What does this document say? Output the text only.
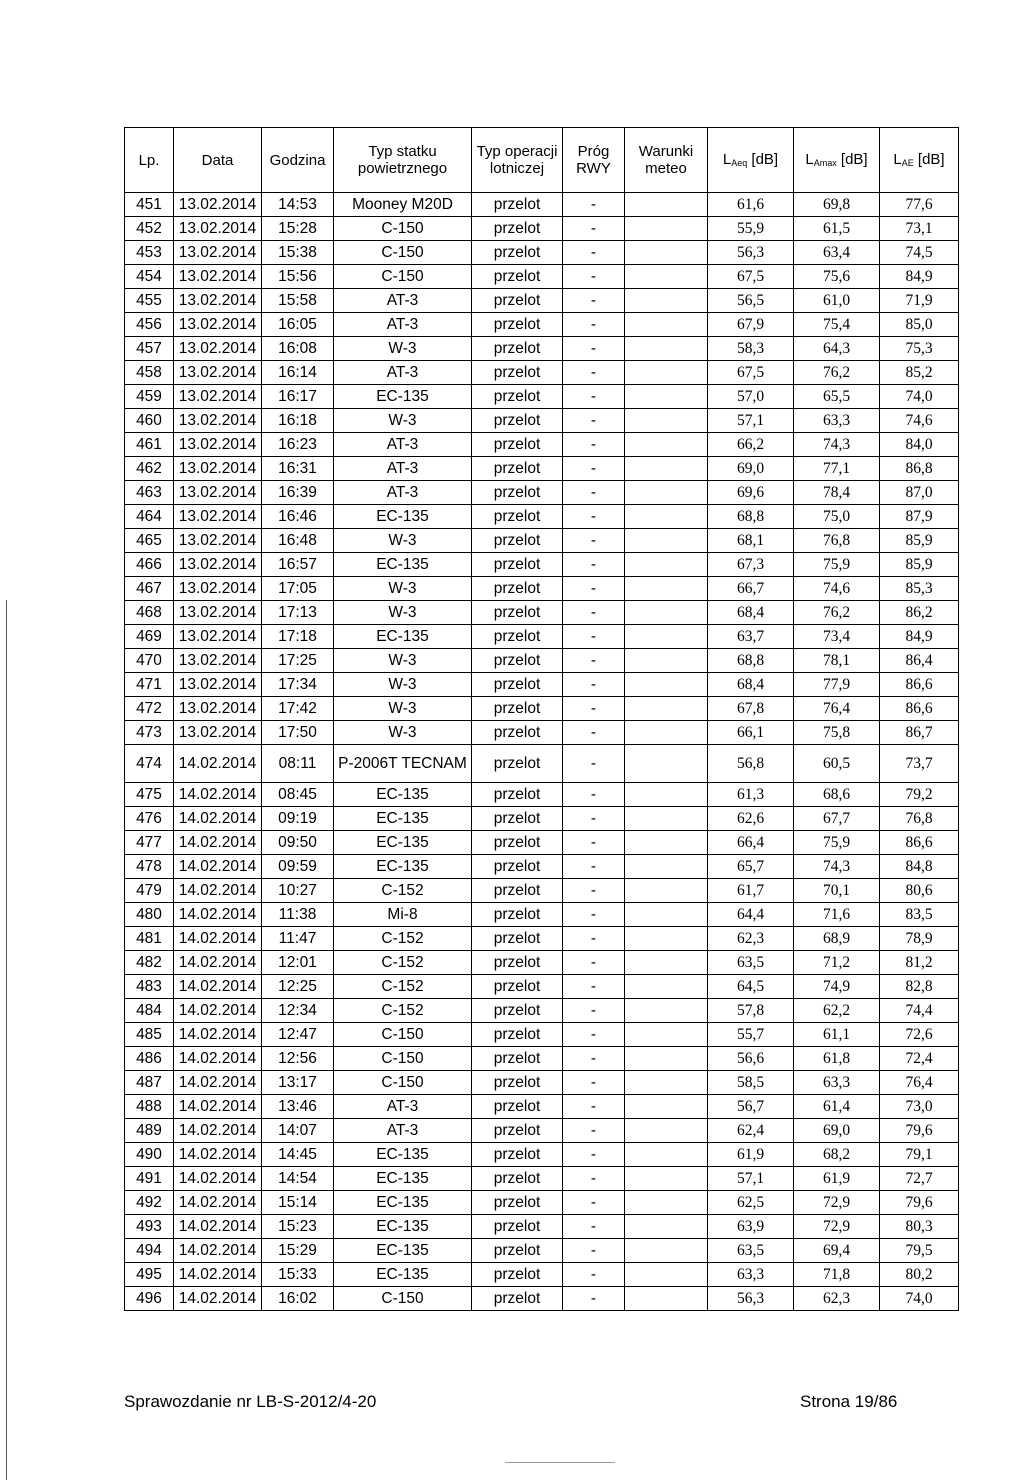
Lp.	Data	Godzina	Typ statku powietrznego	Typ operacji lotniczej	Próg RWY	Warunki meteo	$L_{Aeq}$ [dB]	$L_{Amax}$ [dB]	$L_{AE}$ [dB]
451	13.02.2014	14:53	Mooney M20D	przelot	-		61,6	69,8	77,6
452	13.02.2014	15:28	C-150	przelot	-		55,9	61,5	73,1
453	13.02.2014	15:38	C-150	przelot	-		56,3	63,4	74,5
454	13.02.2014	15:56	C-150	przelot	-		67,5	75,6	84,9
455	13.02.2014	15:58	AT-3	przelot	-		56,5	61,0	71,9
456	13.02.2014	16:05	AT-3	przelot	-		67,9	75,4	85,0
457	13.02.2014	16:08	W-3	przelot	-		58,3	64,3	75,3
458	13.02.2014	16:14	AT-3	przelot	-		67,5	76,2	85,2
459	13.02.2014	16:17	EC-135	przelot	-		57,0	65,5	74,0
460	13.02.2014	16:18	W-3	przelot	-		57,1	63,3	74,6
461	13.02.2014	16:23	AT-3	przelot	-		66,2	74,3	84,0
462	13.02.2014	16:31	AT-3	przelot	-		69,0	77,1	86,8
463	13.02.2014	16:39	AT-3	przelot	-		69,6	78,4	87,0
464	13.02.2014	16:46	EC-135	przelot	-		68,8	75,0	87,9
465	13.02.2014	16:48	W-3	przelot	-		68,1	76,8	85,9
466	13.02.2014	16:57	EC-135	przelot	-		67,3	75,9	85,9
467	13.02.2014	17:05	W-3	przelot	-		66,7	74,6	85,3
468	13.02.2014	17:13	W-3	przelot	-		68,4	76,2	86,2
469	13.02.2014	17:18	EC-135	przelot	-		63,7	73,4	84,9
470	13.02.2014	17:25	W-3	przelot	-		68,8	78,1	86,4
471	13.02.2014	17:34	W-3	przelot	-		68,4	77,9	86,6
472	13.02.2014	17:42	W-3	przelot	-		67,8	76,4	86,6
473	13.02.2014	17:50	W-3	przelot	-		66,1	75,8	86,7
474	14.02.2014	08:11	P-2006T TECNAM	przelot	-		56,8	60,5	73,7
475	14.02.2014	08:45	EC-135	przelot	-		61,3	68,6	79,2
476	14.02.2014	09:19	EC-135	przelot	-		62,6	67,7	76,8
477	14.02.2014	09:50	EC-135	przelot	-		66,4	75,9	86,6
478	14.02.2014	09:59	EC-135	przelot	-		65,7	74,3	84,8
479	14.02.2014	10:27	C-152	przelot	-		61,7	70,1	80,6
480	14.02.2014	11:38	Mi-8	przelot	-		64,4	71,6	83,5
481	14.02.2014	11:47	C-152	przelot	-		62,3	68,9	78,9
482	14.02.2014	12:01	C-152	przelot	-		63,5	71,2	81,2
483	14.02.2014	12:25	C-152	przelot	-		64,5	74,9	82,8
484	14.02.2014	12:34	C-152	przelot	-		57,8	62,2	74,4
485	14.02.2014	12:47	C-150	przelot	-		55,7	61,1	72,6
486	14.02.2014	12:56	C-150	przelot	-		56,6	61,8	72,4
487	14.02.2014	13:17	C-150	przelot	-		58,5	63,3	76,4
488	14.02.2014	13:46	AT-3	przelot	-		56,7	61,4	73,0
489	14.02.2014	14:07	AT-3	przelot	-		62,4	69,0	79,6
490	14.02.2014	14:45	EC-135	przelot	-		61,9	68,2	79,1
491	14.02.2014	14:54	EC-135	przelot	-		57,1	61,9	72,7
492	14.02.2014	15:14	EC-135	przelot	-		62,5	72,9	79,6
493	14.02.2014	15:23	EC-135	przelot	-		63,9	72,9	80,3
494	14.02.2014	15:29	EC-135	przelot	-		63,5	69,4	79,5
495	14.02.2014	15:33	EC-135	przelot	-		63,3	71,8	80,2
496	14.02.2014	16:02	C-150	przelot	-		56,3	62,3	74,0
Sprawozdanie nr LB-S-2012/4-20	Strona 19/86
